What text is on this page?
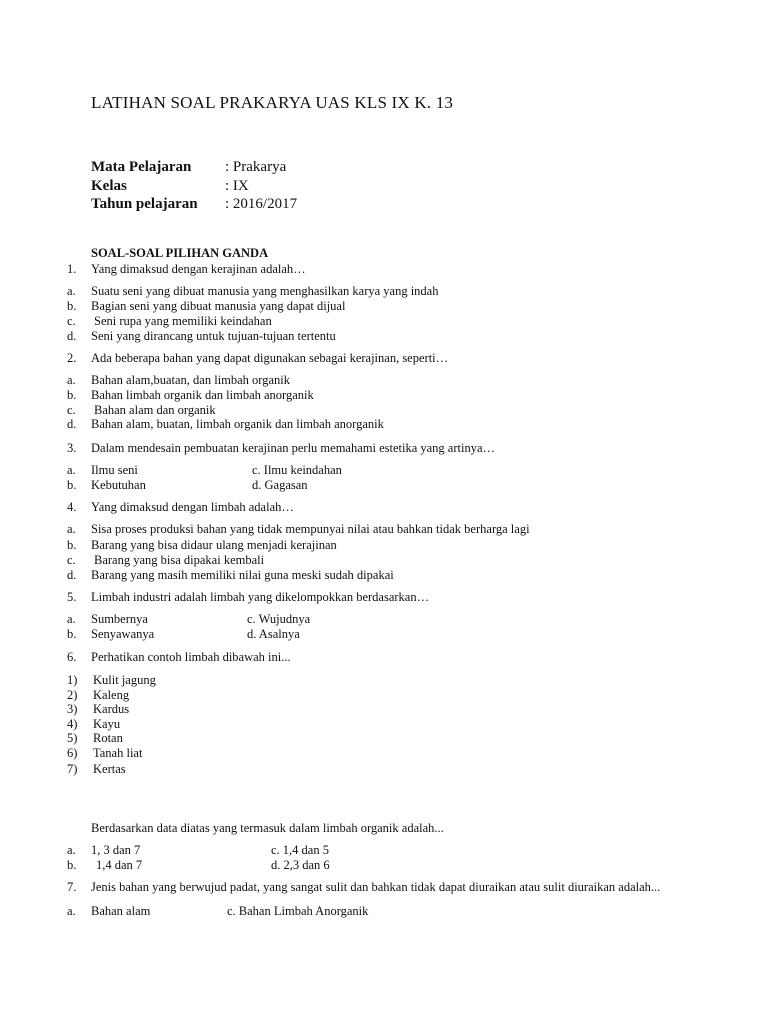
LATIHAN SOAL PRAKARYA UAS KLS IX K. 13
Mata Pelajaran : Prakarya
Kelas	: IX
Tahun pelajaran : 2016/2017
SOAL-SOAL PILIHAN GANDA
1. Yang dimaksud dengan kerajinan adalah…
a. Suatu seni yang dibuat manusia yang menghasilkan karya yang indah
b. Bagian seni yang dibuat manusia yang dapat dijual
c. Seni rupa yang memiliki keindahan
d. Seni yang dirancang untuk tujuan-tujuan tertentu
2. Ada beberapa bahan yang dapat digunakan sebagai kerajinan, seperti…
a. Bahan alam,buatan, dan limbah organik
b. Bahan limbah organik dan limbah anorganik
c. Bahan alam dan organik
d. Bahan alam, buatan, limbah organik dan limbah anorganik
3. Dalam mendesain pembuatan kerajinan perlu memahami estetika yang artinya…
a. Ilmu seni	c. Ilmu keindahan
b. Kebutuhan	d. Gagasan
4. Yang dimaksud dengan limbah adalah…
a. Sisa proses produksi bahan yang tidak mempunyai nilai atau bahkan tidak berharga lagi
b. Barang yang bisa didaur ulang menjadi kerajinan
c. Barang yang bisa dipakai kembali
d. Barang yang masih memiliki nilai guna meski sudah dipakai
5. Limbah industri adalah limbah yang dikelompokkan berdasarkan…
a. Sumbernya	c. Wujudnya
b. Senyawanya	d. Asalnya
6. Perhatikan contoh limbah dibawah ini...
1) Kulit jagung
2) Kaleng
3) Kardus
4) Kayu
5) Rotan
6) Tanah liat
7) Kertas
Berdasarkan data diatas yang termasuk dalam limbah organik adalah...
a. 1, 3 dan 7	c. 1,4 dan 5
b. 1,4 dan 7	d. 2,3 dan 6
7. Jenis bahan yang berwujud padat, yang sangat sulit dan bahkan tidak dapat diuraikan atau sulit diuraikan adalah...
a. Bahan alam	c. Bahan Limbah Anorganik
